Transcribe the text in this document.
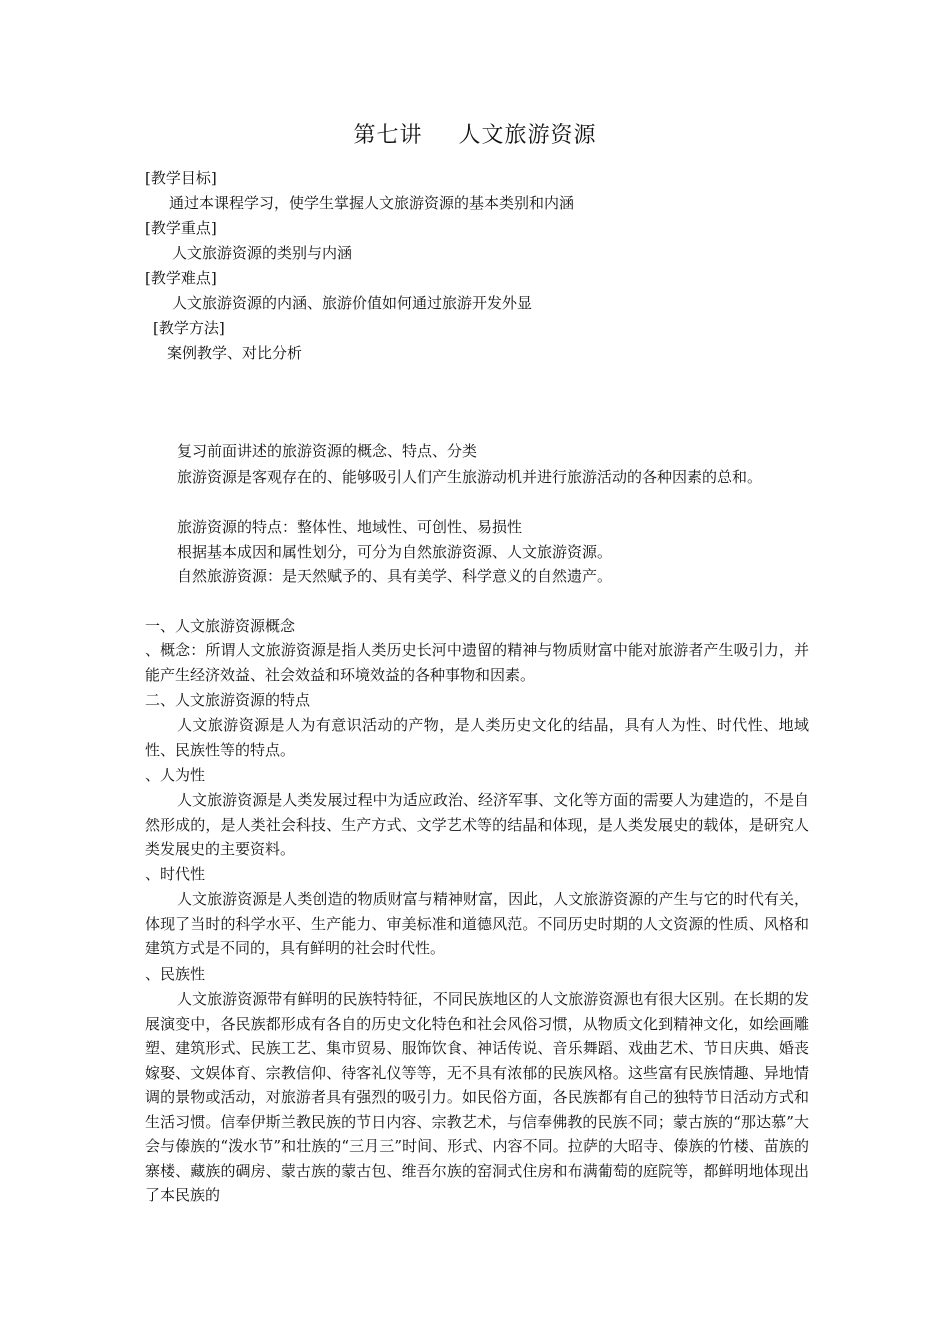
第七讲 人文旅游资源
[教学目标]
通过本课程学习，使学生掌握人文旅游资源的基本类别和内涵
[教学重点]
人文旅游资源的类别与内涵
[教学难点]
人文旅游资源的内涵、旅游价值如何通过旅游开发外显
[教学方法]
案例教学、对比分析
复习前面讲述的旅游资源的概念、特点、分类
旅游资源是客观存在的、能够吸引人们产生旅游动机并进行旅游活动的各种因素的总和。
旅游资源的特点：整体性、地域性、可创性、易损性
根据基本成因和属性划分，可分为自然旅游资源、人文旅游资源。
自然旅游资源：是天然赋予的、具有美学、科学意义的自然遗产。
一、人文旅游资源概念
、概念：所谓人文旅游资源是指人类历史长河中遗留的精神与物质财富中能对旅游者产生吸引力，并能产生经济效益、社会效益和环境效益的各种事物和因素。
二、人文旅游资源的特点
人文旅游资源是人为有意识活动的产物，是人类历史文化的结晶，具有人为性、时代性、地域性、民族性等的特点。
、人为性
人文旅游资源是人类发展过程中为适应政治、经济军事、文化等方面的需要人为建造的，不是自然形成的，是人类社会科技、生产方式、文学艺术等的结晶和体现，是人类发展史的载体，是研究人类发展史的主要资料。
、时代性
人文旅游资源是人类创造的物质财富与精神财富，因此，人文旅游资源的产生与它的时代有关，体现了当时的科学水平、生产能力、审美标准和道德风范。不同历史时期的人文资源的性质、风格和建筑方式是不同的，具有鲜明的社会时代性。
、民族性
人文旅游资源带有鲜明的民族特特征，不同民族地区的人文旅游资源也有很大区别。在长期的发展演变中，各民族都形成有各自的历史文化特色和社会风俗习惯，从物质文化到精神文化，如绘画雕塑、建筑形式、民族工艺、集市贸易、服饰饮食、神话传说、音乐舞蹈、戏曲艺术、节日庆典、婚丧嫁娶、文娱体育、宗教信仰、待客礼仪等等，无不具有浓郁的民族风格。这些富有民族情趣、异地情调的景物或活动，对旅游者具有强烈的吸引力。如民俗方面，各民族都有自己的独特节日活动方式和生活习惯。信奉伊斯兰教民族的节日内容、宗教艺术，与信奉佛教的民族不同；蒙古族的“那达慕”大会与傣族的“泼水节”和壮族的“三月三”时间、形式、内容不同。拉萨的大昭寺、傣族的竹楼、苗族的寨楼、藏族的碉房、蒙古族的蒙古包、维吾尔族的窑洞式住房和布满葡萄的庭院等，都鲜明地体现出了本民族的
